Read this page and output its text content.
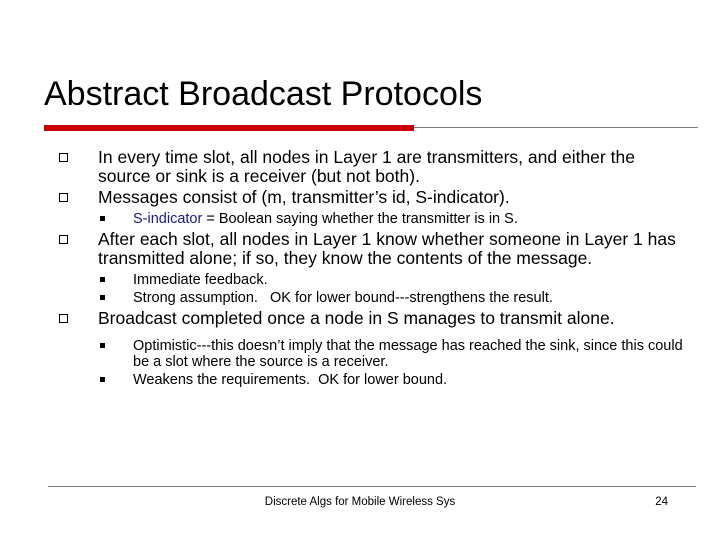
Abstract Broadcast Protocols
In every time slot, all nodes in Layer 1 are transmitters, and either the source or sink is a receiver (but not both).
Messages consist of (m, transmitter’s id, S-indicator).
S-indicator = Boolean saying whether the transmitter is in S.
After each slot, all nodes in Layer 1 know whether someone in Layer 1 has transmitted alone; if so, they know the contents of the message.
Immediate feedback.
Strong assumption.   OK for lower bound---strengthens the result.
Broadcast completed once a node in S manages to transmit alone.
Optimistic---this doesn’t imply that the message has reached the sink, since this could be a slot where the source is a receiver.
Weakens the requirements.  OK for lower bound.
Discrete Algs for Mobile Wireless Sys	24
